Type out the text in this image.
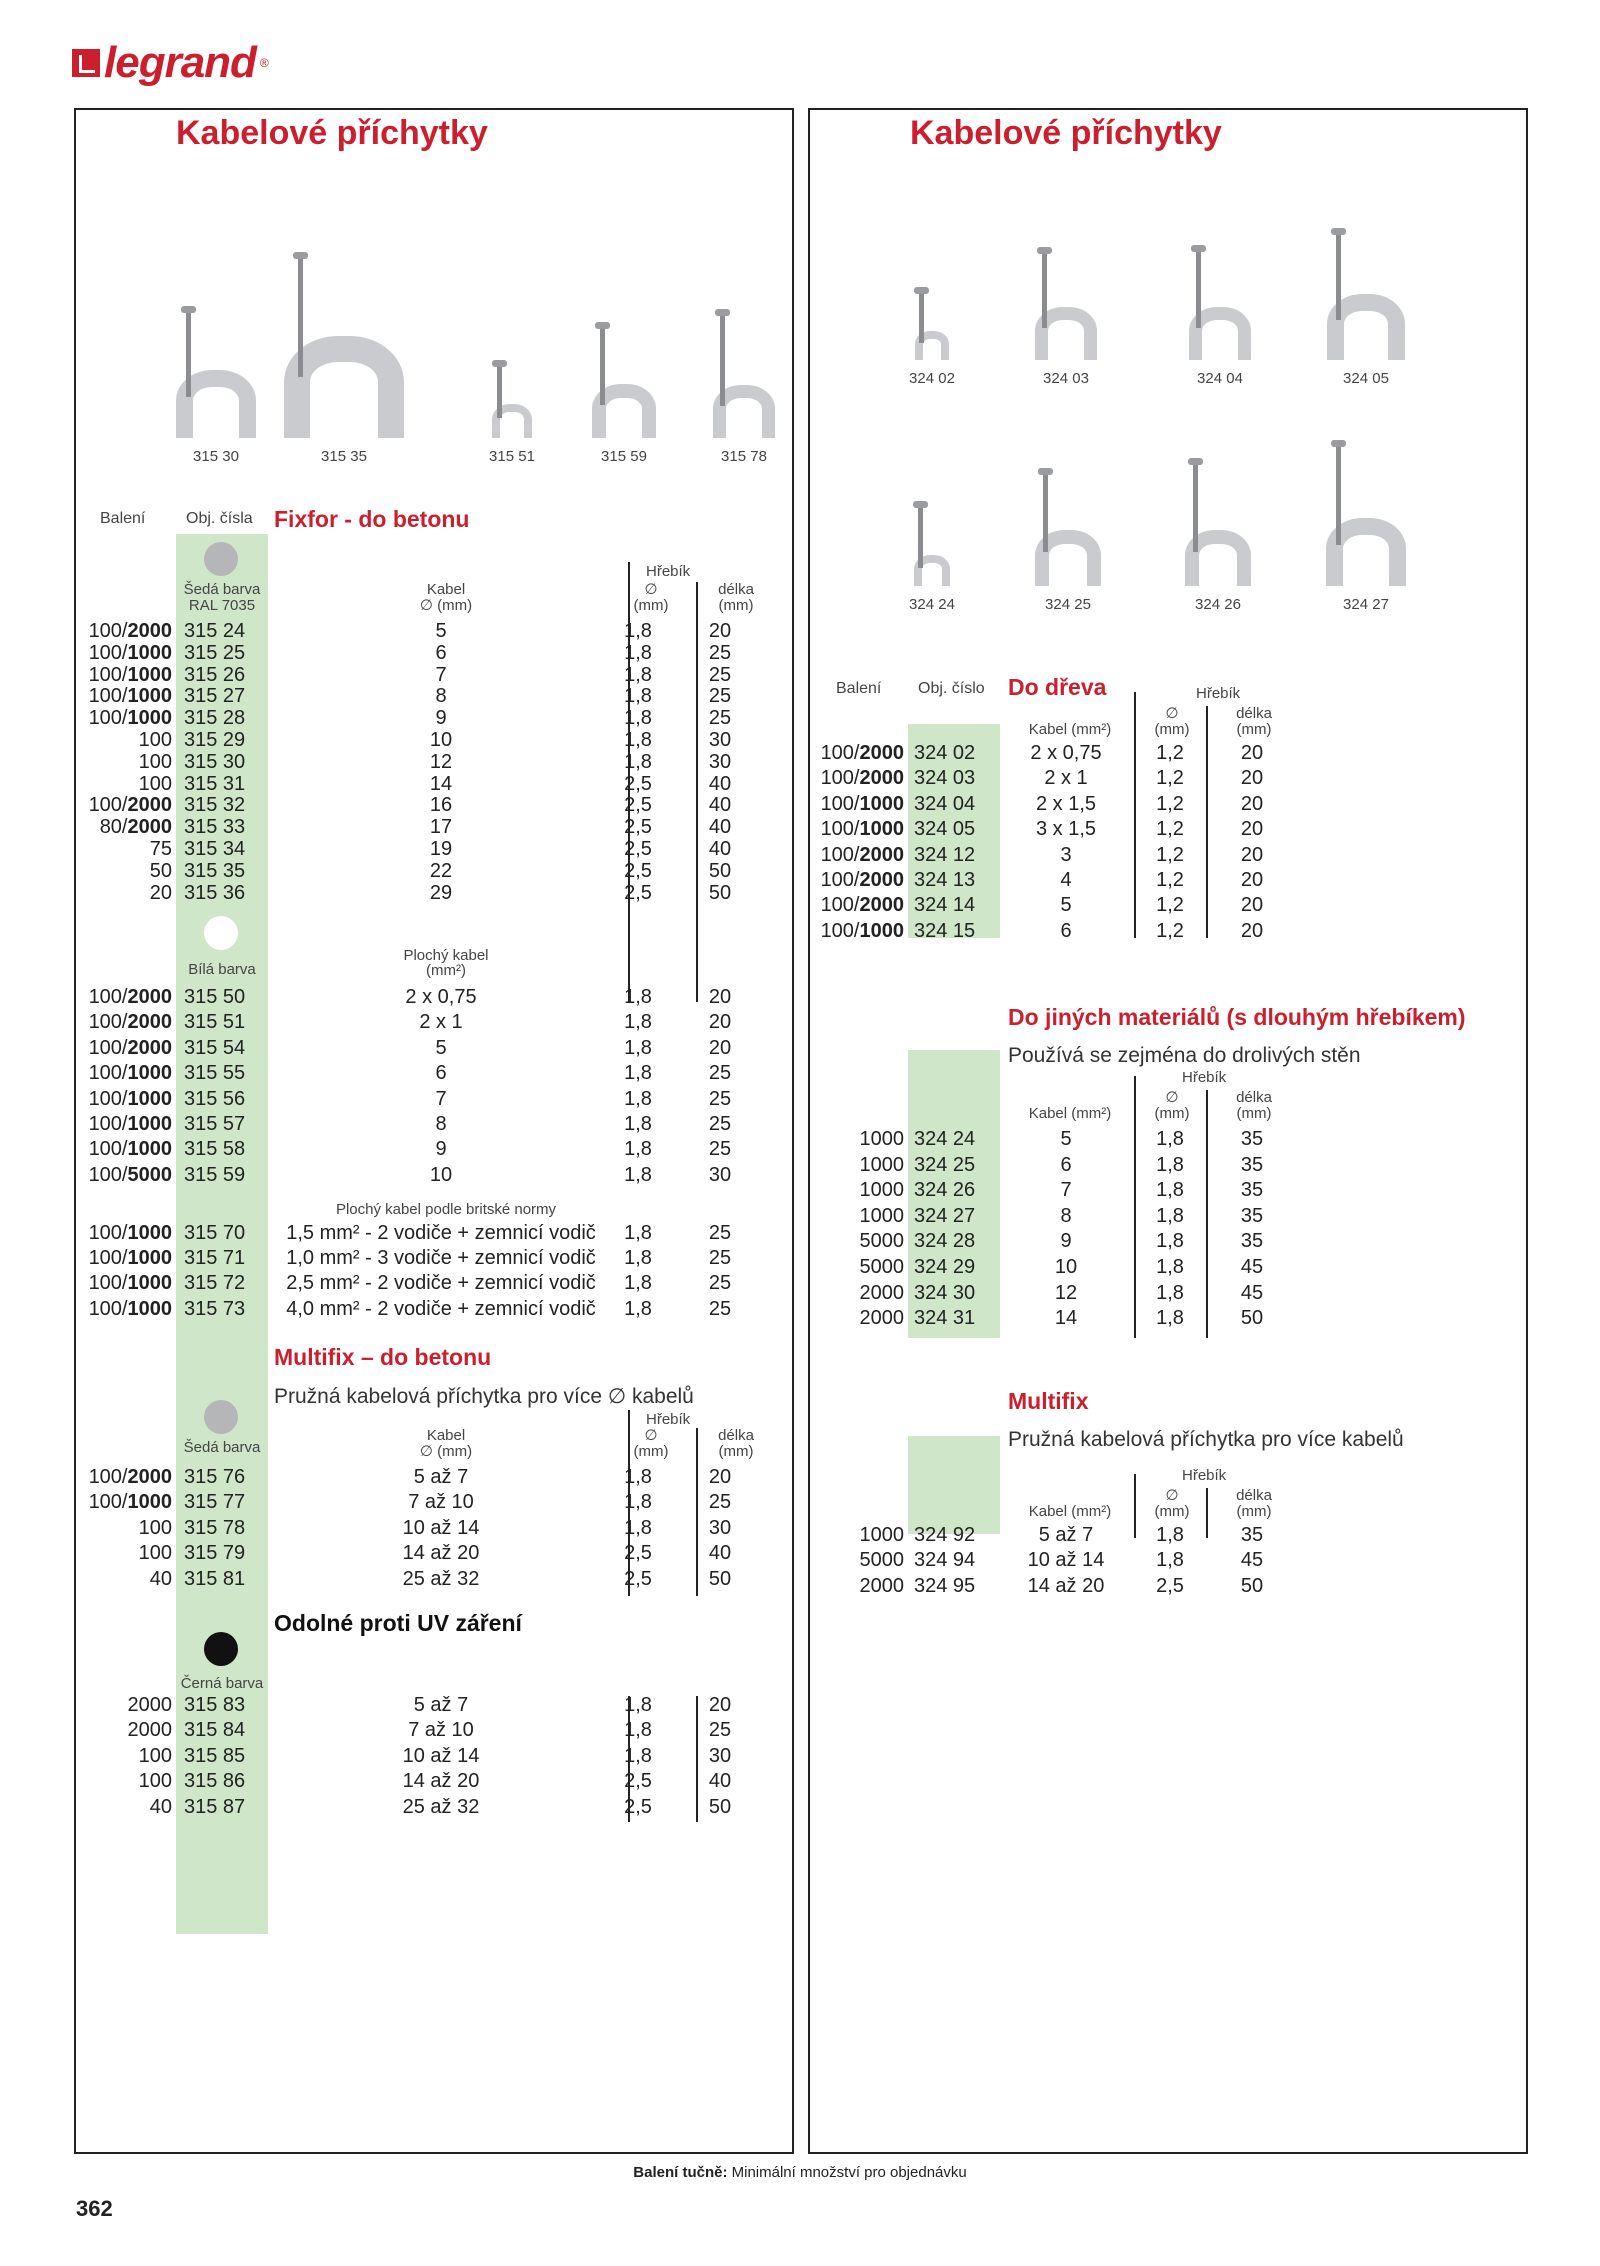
legrand ®
Kabelové příchytky
315 30	315 35	315 51	315 59	315 78
Balení	Obj. čísla Fixfor - do betonu
Šedá barva
RAL 7035
Hřebík
Kabel
∅ (mm)
∅
(mm)
délka
(mm)
100/2000 315 24	5	1,8	20
100/1000 315 25	6	1,8	25
100/1000 315 26	7	1,8	25
100/1000 315 27	8	1,8	25
100/1000 315 28	9	1,8	25
100 315 29	10	1,8	30
100 315 30	12	1,8	30
100 315 31	14	2,5	40
100/2000 315 32	16	2,5	40
80/2000 315 33	17	2,5	40
75 315 34	19	2,5	40
50 315 35	22	2,5	50
20 315 36	29	2,5	50
Bílá barva
Plochý kabel
(mm²)
100/2000 315 50	2 x 0,75	1,8	20
100/2000 315 51	2 x 1	1,8	20
100/2000 315 54	5	1,8	20
100/1000 315 55	6	1,8	25
100/1000 315 56	7	1,8	25
100/1000 315 57	8	1,8	25
100/1000 315 58	9	1,8	25
100/5000 315 59	10	1,8	30
Plochý kabel podle britské normy
100/1000 315 70	1,5 mm² - 2 vodiče + zemnicí vodič	1,8	25
100/1000 315 71	1,0 mm² - 3 vodiče + zemnicí vodič	1,8	25
100/1000 315 72	2,5 mm² - 2 vodiče + zemnicí vodič	1,8	25
100/1000 315 73	4,0 mm² - 2 vodiče + zemnicí vodič	1,8	25
Multifix – do betonu
Pružná kabelová příchytka pro více ∅ kabelů
Šedá barva
Hřebík
Kabel
∅ (mm)
∅
(mm)
délka
(mm)
100/2000 315 76	5 až 7	1,8	20
100/1000 315 77	7 až 10	1,8	25
100 315 78	10 až 14	1,8	30
100 315 79	14 až 20	2,5	40
40 315 81	25 až 32	2,5	50
Odolné proti UV záření
Černá barva
2000 315 83	5 až 7	1,8	20
2000 315 84	7 až 10	1,8	25
100 315 85	10 až 14	1,8	30
100 315 86	14 až 20	2,5	40
40 315 87	25 až 32	2,5	50
Kabelové příchytky
324 02	324 03	324 04	324 05
324 24	324 25	324 26	324 27
Balení Obj. číslo Do dřeva	Hřebík
Kabel (mm²)
∅
(mm)
délka
(mm)
100/2000 324 02	2 x 0,75	1,2	20
100/2000 324 03	2 x 1	1,2	20
100/1000 324 04	2 x 1,5	1,2	20
100/1000 324 05	3 x 1,5	1,2	20
100/2000 324 12	3	1,2	20
100/2000 324 13	4	1,2	20
100/2000 324 14	5	1,2	20
100/1000 324 15	6	1,2	20
Do jiných materiálů (s dlouhým hřebíkem)
Používá se zejména do drolivých stěn
Hřebík
Kabel (mm²)
∅
(mm)
délka
(mm)
1000 324 24	5	1,8	35
1000 324 25	6	1,8	35
1000 324 26	7	1,8	35
1000 324 27	8	1,8	35
5000 324 28	9	1,8	35
5000 324 29	10	1,8	45
2000 324 30	12	1,8	45
2000 324 31	14	1,8	50
Multifix
Pružná kabelová příchytka pro více kabelů
Hřebík
Kabel (mm²)
∅
(mm)
délka
(mm)
1000 324 92	5 až 7	1,8	35
5000 324 94	10 až 14	1,8	45
2000 324 95	14 až 20	2,5	50
Balení tučně: Minimální množství pro objednávku
362
